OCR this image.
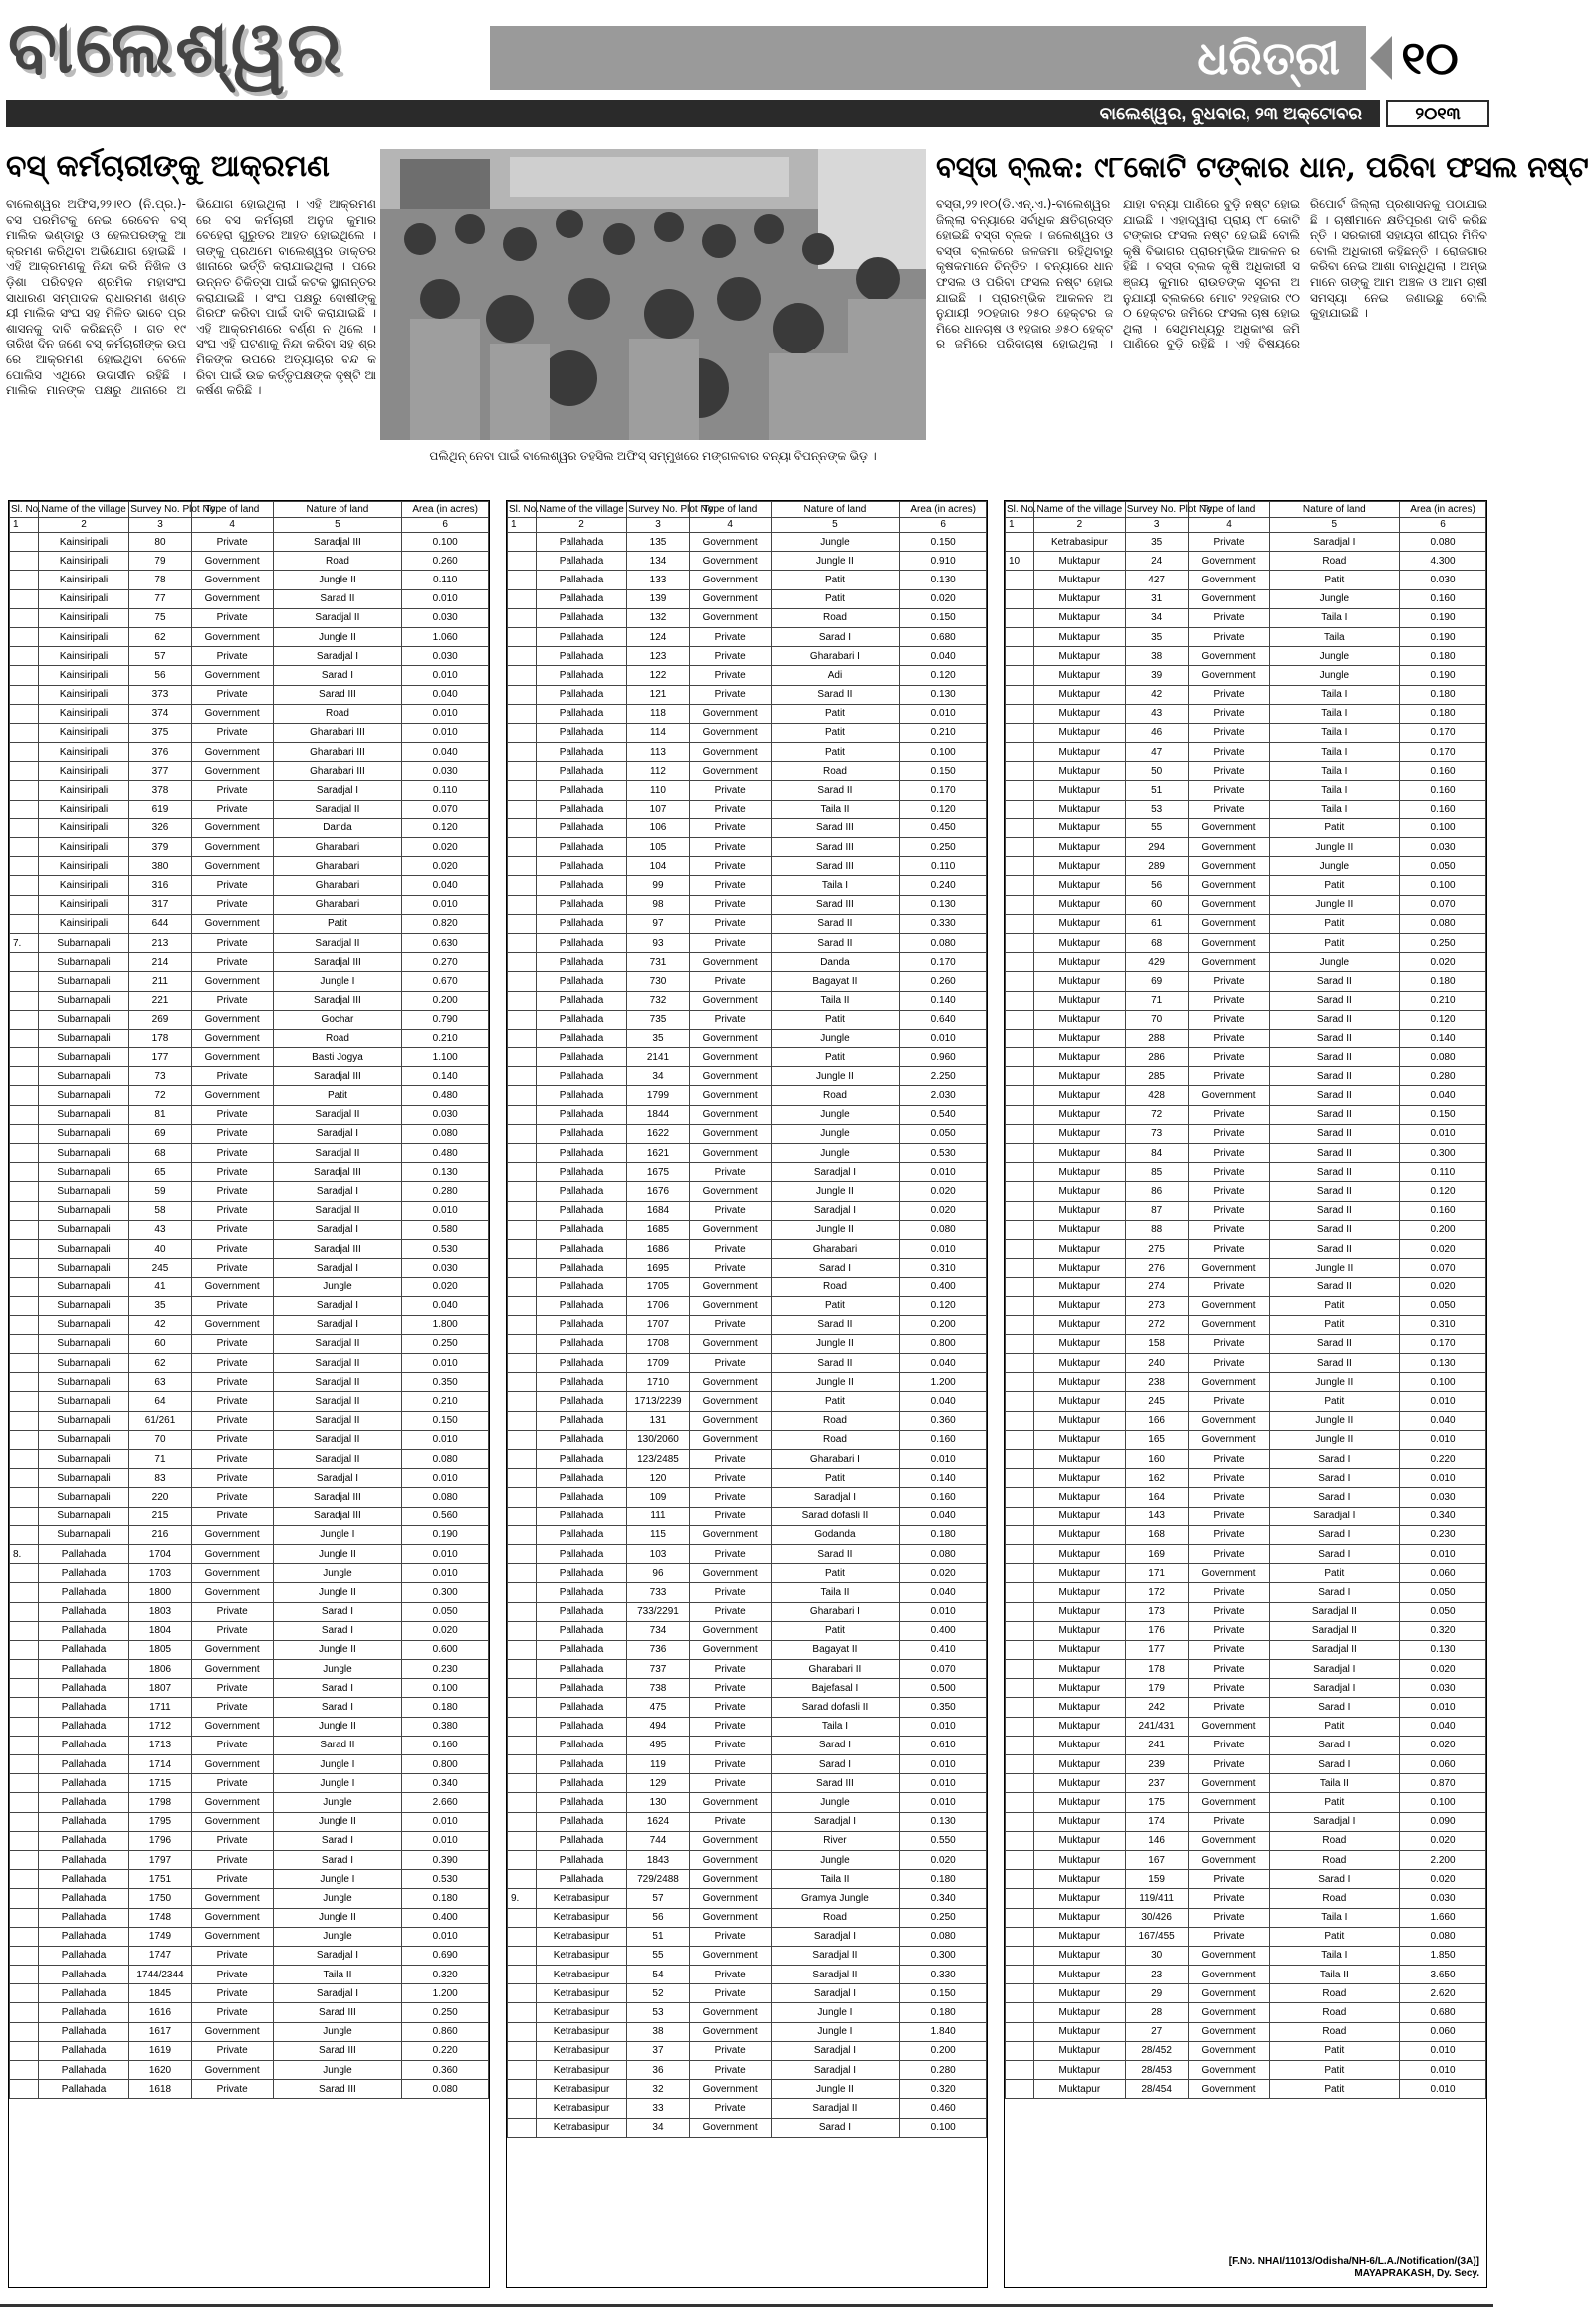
ବାଲେଶ୍ୱର	ଧରିତ୍ରୀ	୧୦
ବାଲେଶ୍ୱର, ବୁଧବାର, ୨୩ ଅକ୍ଟୋବର	୨୦୧୩
ବସ୍ କର୍ମଚାରୀଙ୍କୁ ଆକ୍ରମଣ
ବାଲେଶ୍ୱର ଅଫିସ,୨୨।୧୦ (ନି.ପ୍ର.)- ବସ ପରମିଟକୁ ନେଇ ରେବେନ ବସ୍ ମାଲିକ ଭଣ୍ଡାରୁ ଓ ହେଲପରଙ୍କୁ ଆକ୍ରମଣ କରିଥିବା ଅଭିଯୋଗ ହୋଇଛି । ଏହି ଆକ୍ରମଣକୁ ନିନ୍ଦା କରି ନିଖିଳ ଓଡ଼ିଶା ପରିବହନ ଶ୍ରମିକ ମହାସଂଘ ସାଧାରଣ ସମ୍ପାଦକ ରାଧାରମଣ ଖଣ୍ଡୟୀ ମାଲିକ ସଂଘ ସହ ମିଳିତ ଭାବେ ପ୍ରଶାସନକୁ ଦାବି କରିଛନ୍ତି । ଗତ ୧୯ ତାରିଖ ଦିନ ଜଣେ ବସ୍ କର୍ମଚାରୀଙ୍କ ଉପରେ ଆକ୍ରମଣ ହୋଇଥିବା ବେଳେ ପୋଲିସ ଏଥିରେ ଉଦାସୀନ ରହିଛି । ମାଲିକ ମାନଙ୍କ ପକ୍ଷରୁ ଥାନାରେ ଅଭିଯୋଗ ହୋଇଥିଲା । ଏହି ଆକ୍ରମଣରେ ବସ କର୍ମଚାରୀ ଅନୁଜ କୁମାର ବେହେରା ଗୁରୁତର ଆହତ ହୋଇଥିଲେ । ତାଙ୍କୁ ପ୍ରଥମେ ବାଲେଶ୍ୱର ଡାକ୍ତରଖାନାରେ ଭର୍ତ୍ତି କରାଯାଇଥିଲା । ପରେ ଉନ୍ନତ ଚିକିତ୍ସା ପାଇଁ କଟକ ସ୍ଥାନାନ୍ତର କରାଯାଇଛି । ସଂଘ ପକ୍ଷରୁ ଦୋଷୀଙ୍କୁ ଗିରଫ କରିବା ପାଇଁ ଦାବି କରାଯାଇଛି । ଏହି ଆକ୍ରମଣରେ ବର୍ଣ୍ଣ ନ ଥିଲେ । ସଂଘ ଏହି ଘଟଣାକୁ ନିନ୍ଦା କରିବା ସହ ଶ୍ରମିକଙ୍କ ଉପରେ ଅତ୍ୟାଚାର ବନ୍ଦ କରିବା ପାଇଁ ଉଚ୍ଚ କର୍ତ୍ତୃପକ୍ଷଙ୍କ ଦୃଷ୍ଟି ଆକର୍ଷଣ କରିଛି ।
ପଲିଥିନ୍ ନେବା ପାଇଁ ବାଲେଶ୍ୱର ତହସିଲ ଅଫିସ୍ ସମ୍ମୁଖରେ ମଙ୍ଗଳବାର ବନ୍ୟା ବିପନ୍ନଙ୍କ ଭିଡ଼ ।
ବସ୍ତା ବ୍ଲକ: ୯୮କୋଟି ଟଙ୍କାର ଧାନ, ପରିବା ଫସଲ ନଷ୍ଟ
ବସ୍ତା,୨୨।୧୦(ଡି.ଏନ୍.ଏ.)-ବାଲେଶ୍ୱର ଜିଲ୍ଲା ବନ୍ୟାରେ ସର୍ବାଧିକ କ୍ଷତିଗ୍ରସ୍ତ ହୋଇଛି ବସ୍ତା ବ୍ଲକ । ଜଲେଶ୍ୱର ଓ ବସ୍ତା ବ୍ଲକରେ ଜଳଜମା ରହିଥିବାରୁ କୃଷକମାନେ ଚିନ୍ତିତ । ବନ୍ୟାରେ ଧାନ ଫସଲ ଓ ପରିବା ଫସଲ ନଷ୍ଟ ହୋଇଯାଇଛି । ପ୍ରାରମ୍ଭିକ ଆକଳନ ଅନୁଯାୟୀ ୨୦ହଜାର ୨୫୦ ହେକ୍ଟର ଜମିରେ ଧାନଚାଷ ଓ ୧ହଜାର ୬୫୦ ହେକ୍ଟର ଜମିରେ ପରିବାଚାଷ ହୋଇଥିଲା । ଯାହା ବନ୍ୟା ପାଣିରେ ବୁଡ଼ି ନଷ୍ଟ ହୋଇଯାଇଛି । ଏହାଦ୍ୱାରା ପ୍ରାୟ ୯୮ କୋଟି ଟଙ୍କାର ଫସଲ ନଷ୍ଟ ହୋଇଛି ବୋଲି କୃଷି ବିଭାଗର ପ୍ରାରମ୍ଭିକ ଆକଳନ ରହିଛି । ବସ୍ତା ବ୍ଲକ କୃଷି ଅଧିକାରୀ ସଞ୍ଜୟ କୁମାର ରାଉତଙ୍କ ସୂଚନା ଅନୁଯାୟୀ ବ୍ଲକରେ ମୋଟ ୨୧ହଜାର ୯୦୦ ହେକ୍ଟର ଜମିରେ ଫସଲ ଚାଷ ହୋଇଥିଲା । ସେଥିମଧ୍ୟରୁ ଅଧିକାଂଶ ଜମି ପାଣିରେ ବୁଡ଼ି ରହିଛି । ଏହି ବିଷୟରେ ରିପୋର୍ଟ ଜିଲ୍ଲା ପ୍ରଶାସନକୁ ପଠାଯାଇଛି । ଚାଷୀମାନେ କ୍ଷତିପୂରଣ ଦାବି କରିଛନ୍ତି । ସରକାରୀ ସହାୟତା ଶୀଘ୍ର ମିଳିବ ବୋଲି ଅଧିକାରୀ କହିଛନ୍ତି । ରୋଜଗାର କରିବା ନେଇ ଆଶା ବାନ୍ଧିଥିଲା । ଅମ୍ଭମାନେ ତାଙ୍କୁ ଆମ ଅଞ୍ଚଳ ଓ ଆମ ଚାଷୀ ସମସ୍ୟା ନେଇ ଜଣାଇଛୁ ବୋଲି କୁହାଯାଇଛି ।
Sl. No.	Name of the village	Survey No. Plot No.	Type of land	Nature of land	Area (in acres)
1	2	3	4	5	6
	Kainsiripali	80	Private	Saradjal III	0.100
	Kainsiripali	79	Government	Road	0.260
	Kainsiripali	78	Government	Jungle II	0.110
	Kainsiripali	77	Government	Sarad II	0.010
	Kainsiripali	75	Private	Saradjal II	0.030
	Kainsiripali	62	Government	Jungle II	1.060
	Kainsiripali	57	Private	Saradjal I	0.030
	Kainsiripali	56	Government	Sarad I	0.010
	Kainsiripali	373	Private	Sarad III	0.040
	Kainsiripali	374	Government	Road	0.010
	Kainsiripali	375	Private	Gharabari III	0.010
	Kainsiripali	376	Government	Gharabari III	0.040
	Kainsiripali	377	Government	Gharabari III	0.030
	Kainsiripali	378	Private	Saradjal I	0.110
	Kainsiripali	619	Private	Saradjal II	0.070
	Kainsiripali	326	Government	Danda	0.120
	Kainsiripali	379	Government	Gharabari	0.020
	Kainsiripali	380	Government	Gharabari	0.020
	Kainsiripali	316	Private	Gharabari	0.040
	Kainsiripali	317	Private	Gharabari	0.010
	Kainsiripali	644	Government	Patit	0.820
7.	Subarnapali	213	Private	Saradjal II	0.630
	Subarnapali	214	Private	Saradjal III	0.270
	Subarnapali	211	Government	Jungle I	0.670
	Subarnapali	221	Private	Saradjal III	0.200
	Subarnapali	269	Government	Gochar	0.790
	Subarnapali	178	Government	Road	0.210
	Subarnapali	177	Government	Basti Jogya	1.100
	Subarnapali	73	Private	Saradjal III	0.140
	Subarnapali	72	Government	Patit	0.480
	Subarnapali	81	Private	Saradjal II	0.030
	Subarnapali	69	Private	Saradjal I	0.080
	Subarnapali	68	Private	Saradjal II	0.480
	Subarnapali	65	Private	Saradjal III	0.130
	Subarnapali	59	Private	Saradjal I	0.280
	Subarnapali	58	Private	Saradjal II	0.010
	Subarnapali	43	Private	Saradjal I	0.580
	Subarnapali	40	Private	Saradjal III	0.530
	Subarnapali	245	Private	Saradjal I	0.030
	Subarnapali	41	Government	Jungle	0.020
	Subarnapali	35	Private	Saradjal I	0.040
	Subarnapali	42	Government	Saradjal I	1.800
	Subarnapali	60	Private	Saradjal II	0.250
	Subarnapali	62	Private	Saradjal II	0.010
	Subarnapali	63	Private	Saradjal II	0.350
	Subarnapali	64	Private	Saradjal II	0.210
	Subarnapali	61/261	Private	Saradjal II	0.150
	Subarnapali	70	Private	Saradjal II	0.010
	Subarnapali	71	Private	Saradjal II	0.080
	Subarnapali	83	Private	Saradjal I	0.010
	Subarnapali	220	Private	Saradjal III	0.080
	Subarnapali	215	Private	Saradjal III	0.560
	Subarnapali	216	Government	Jungle I	0.190
8.	Pallahada	1704	Government	Jungle II	0.010
	Pallahada	1703	Government	Jungle	0.010
	Pallahada	1800	Government	Jungle II	0.300
	Pallahada	1803	Private	Sarad I	0.050
	Pallahada	1804	Private	Sarad I	0.020
	Pallahada	1805	Government	Jungle II	0.600
	Pallahada	1806	Government	Jungle	0.230
	Pallahada	1807	Private	Sarad I	0.100
	Pallahada	1711	Private	Sarad I	0.180
	Pallahada	1712	Government	Jungle II	0.380
	Pallahada	1713	Private	Sarad II	0.160
	Pallahada	1714	Government	Jungle I	0.800
	Pallahada	1715	Private	Jungle I	0.340
	Pallahada	1798	Government	Jungle	2.660
	Pallahada	1795	Government	Jungle II	0.010
	Pallahada	1796	Private	Sarad I	0.010
	Pallahada	1797	Private	Sarad I	0.390
	Pallahada	1751	Private	Jungle I	0.530
	Pallahada	1750	Government	Jungle	0.180
	Pallahada	1748	Government	Jungle II	0.400
	Pallahada	1749	Government	Jungle	0.010
	Pallahada	1747	Private	Saradjal I	0.690
	Pallahada	1744/2344	Private	Taila II	0.320
	Pallahada	1845	Private	Saradjal I	1.200
	Pallahada	1616	Private	Sarad III	0.250
	Pallahada	1617	Government	Jungle	0.860
	Pallahada	1619	Private	Sarad III	0.220
	Pallahada	1620	Government	Jungle	0.360
	Pallahada	1618	Private	Sarad III	0.080
Sl. No.	Name of the village	Survey No. Plot No.	Type of land	Nature of land	Area (in acres)
1	2	3	4	5	6
	Pallahada	135	Government	Jungle	0.150
	Pallahada	134	Government	Jungle II	0.910
	Pallahada	133	Government	Patit	0.130
	Pallahada	139	Government	Patit	0.020
	Pallahada	132	Government	Road	0.150
	Pallahada	124	Private	Sarad I	0.680
	Pallahada	123	Private	Gharabari I	0.040
	Pallahada	122	Private	Adi	0.120
	Pallahada	121	Private	Sarad II	0.130
	Pallahada	118	Government	Patit	0.010
	Pallahada	114	Government	Patit	0.210
	Pallahada	113	Government	Patit	0.100
	Pallahada	112	Government	Road	0.150
	Pallahada	110	Private	Sarad II	0.170
	Pallahada	107	Private	Taila II	0.120
	Pallahada	106	Private	Sarad III	0.450
	Pallahada	105	Private	Sarad III	0.250
	Pallahada	104	Private	Sarad III	0.110
	Pallahada	99	Private	Taila I	0.240
	Pallahada	98	Private	Sarad III	0.130
	Pallahada	97	Private	Sarad II	0.330
	Pallahada	93	Private	Sarad II	0.080
	Pallahada	731	Government	Danda	0.170
	Pallahada	730	Private	Bagayat II	0.260
	Pallahada	732	Government	Taila II	0.140
	Pallahada	735	Private	Patit	0.640
	Pallahada	35	Government	Jungle	0.010
	Pallahada	2141	Government	Patit	0.960
	Pallahada	34	Government	Jungle II	2.250
	Pallahada	1799	Government	Road	2.030
	Pallahada	1844	Government	Jungle	0.540
	Pallahada	1622	Government	Jungle	0.050
	Pallahada	1621	Government	Jungle	0.530
	Pallahada	1675	Private	Saradjal I	0.010
	Pallahada	1676	Government	Jungle II	0.020
	Pallahada	1684	Private	Saradjal I	0.020
	Pallahada	1685	Government	Jungle II	0.080
	Pallahada	1686	Private	Gharabari	0.010
	Pallahada	1695	Private	Sarad I	0.310
	Pallahada	1705	Government	Road	0.400
	Pallahada	1706	Government	Patit	0.120
	Pallahada	1707	Private	Sarad II	0.200
	Pallahada	1708	Government	Jungle II	0.800
	Pallahada	1709	Private	Sarad II	0.040
	Pallahada	1710	Government	Jungle II	1.200
	Pallahada	1713/2239	Government	Patit	0.040
	Pallahada	131	Government	Road	0.360
	Pallahada	130/2060	Government	Road	0.160
	Pallahada	123/2485	Private	Gharabari I	0.010
	Pallahada	120	Private	Patit	0.140
	Pallahada	109	Private	Saradjal I	0.160
	Pallahada	111	Private	Sarad dofasli II	0.040
	Pallahada	115	Government	Godanda	0.180
	Pallahada	103	Private	Sarad II	0.080
	Pallahada	96	Government	Patit	0.020
	Pallahada	733	Private	Taila II	0.040
	Pallahada	733/2291	Private	Gharabari I	0.010
	Pallahada	734	Government	Patit	0.400
	Pallahada	736	Government	Bagayat II	0.410
	Pallahada	737	Private	Gharabari II	0.070
	Pallahada	738	Private	Bajefasal I	0.500
	Pallahada	475	Private	Sarad dofasli II	0.350
	Pallahada	494	Private	Taila I	0.010
	Pallahada	495	Private	Sarad I	0.610
	Pallahada	119	Private	Sarad I	0.010
	Pallahada	129	Private	Sarad III	0.010
	Pallahada	130	Government	Jungle	0.010
	Pallahada	1624	Private	Saradjal I	0.130
	Pallahada	744	Government	River	0.550
	Pallahada	1843	Government	Jungle	0.020
	Pallahada	729/2488	Government	Taila II	0.180
9.	Ketrabasipur	57	Government	Gramya Jungle	0.340
	Ketrabasipur	56	Government	Road	0.250
	Ketrabasipur	51	Private	Saradjal I	0.080
	Ketrabasipur	55	Government	Saradjal II	0.300
	Ketrabasipur	54	Private	Saradjal II	0.330
	Ketrabasipur	52	Private	Saradjal I	0.150
	Ketrabasipur	53	Government	Jungle I	0.180
	Ketrabasipur	38	Government	Jungle I	1.840
	Ketrabasipur	37	Private	Saradjal I	0.200
	Ketrabasipur	36	Private	Saradjal I	0.280
	Ketrabasipur	32	Government	Jungle II	0.320
	Ketrabasipur	33	Private	Saradjal II	0.460
	Ketrabasipur	34	Government	Sarad I	0.100
Sl. No.	Name of the village	Survey No. Plot No.	Type of land	Nature of land	Area (in acres)
1	2	3	4	5	6
	Ketrabasipur	35	Private	Saradjal I	0.080
10.	Muktapur	24	Government	Road	4.300
	Muktapur	427	Government	Patit	0.030
	Muktapur	31	Government	Jungle	0.160
	Muktapur	34	Private	Taila I	0.190
	Muktapur	35	Private	Taila	0.190
	Muktapur	38	Government	Jungle	0.180
	Muktapur	39	Government	Jungle	0.190
	Muktapur	42	Private	Taila I	0.180
	Muktapur	43	Private	Taila I	0.180
	Muktapur	46	Private	Taila I	0.170
	Muktapur	47	Private	Taila I	0.170
	Muktapur	50	Private	Taila I	0.160
	Muktapur	51	Private	Taila I	0.160
	Muktapur	53	Private	Taila I	0.160
	Muktapur	55	Government	Patit	0.100
	Muktapur	294	Government	Jungle II	0.030
	Muktapur	289	Government	Jungle	0.050
	Muktapur	56	Government	Patit	0.100
	Muktapur	60	Government	Jungle II	0.070
	Muktapur	61	Government	Patit	0.080
	Muktapur	68	Government	Patit	0.250
	Muktapur	429	Government	Jungle	0.020
	Muktapur	69	Private	Sarad II	0.180
	Muktapur	71	Private	Sarad II	0.210
	Muktapur	70	Private	Sarad II	0.120
	Muktapur	288	Private	Sarad II	0.140
	Muktapur	286	Private	Sarad II	0.080
	Muktapur	285	Private	Sarad II	0.280
	Muktapur	428	Government	Sarad II	0.040
	Muktapur	72	Private	Sarad II	0.150
	Muktapur	73	Private	Sarad II	0.010
	Muktapur	84	Private	Sarad II	0.300
	Muktapur	85	Private	Sarad II	0.110
	Muktapur	86	Private	Sarad II	0.120
	Muktapur	87	Private	Sarad II	0.160
	Muktapur	88	Private	Sarad II	0.200
	Muktapur	275	Private	Sarad II	0.020
	Muktapur	276	Government	Jungle II	0.070
	Muktapur	274	Private	Sarad II	0.020
	Muktapur	273	Government	Patit	0.050
	Muktapur	272	Government	Patit	0.310
	Muktapur	158	Private	Sarad II	0.170
	Muktapur	240	Private	Sarad II	0.130
	Muktapur	238	Government	Jungle II	0.100
	Muktapur	245	Private	Patit	0.010
	Muktapur	166	Government	Jungle II	0.040
	Muktapur	165	Government	Jungle II	0.010
	Muktapur	160	Private	Sarad I	0.220
	Muktapur	162	Private	Sarad I	0.010
	Muktapur	164	Private	Sarad I	0.030
	Muktapur	143	Private	Saradjal I	0.340
	Muktapur	168	Private	Sarad I	0.230
	Muktapur	169	Private	Sarad I	0.010
	Muktapur	171	Government	Patit	0.060
	Muktapur	172	Private	Sarad I	0.050
	Muktapur	173	Private	Saradjal II	0.050
	Muktapur	176	Private	Saradjal II	0.320
	Muktapur	177	Private	Saradjal II	0.130
	Muktapur	178	Private	Saradjal I	0.020
	Muktapur	179	Private	Saradjal I	0.030
	Muktapur	242	Private	Sarad I	0.010
	Muktapur	241/431	Government	Patit	0.040
	Muktapur	241	Private	Sarad I	0.020
	Muktapur	239	Private	Sarad I	0.060
	Muktapur	237	Government	Taila II	0.870
	Muktapur	175	Government	Patit	0.100
	Muktapur	174	Private	Saradjal I	0.090
	Muktapur	146	Government	Road	0.020
	Muktapur	167	Government	Road	2.200
	Muktapur	159	Private	Sarad I	0.020
	Muktapur	119/411	Private	Road	0.030
	Muktapur	30/426	Private	Taila I	1.660
	Muktapur	167/455	Private	Patit	0.080
	Muktapur	30	Government	Taila I	1.850
	Muktapur	23	Government	Taila II	3.650
	Muktapur	29	Government	Road	2.620
	Muktapur	28	Government	Road	0.680
	Muktapur	27	Government	Road	0.060
	Muktapur	28/452	Government	Patit	0.010
	Muktapur	28/453	Government	Patit	0.010
	Muktapur	28/454	Government	Patit	0.010
[F.No. NHAI/11013/Odisha/NH-6/L.A./Notification/(3A)]
MAYAPRAKASH, Dy. Secy.
